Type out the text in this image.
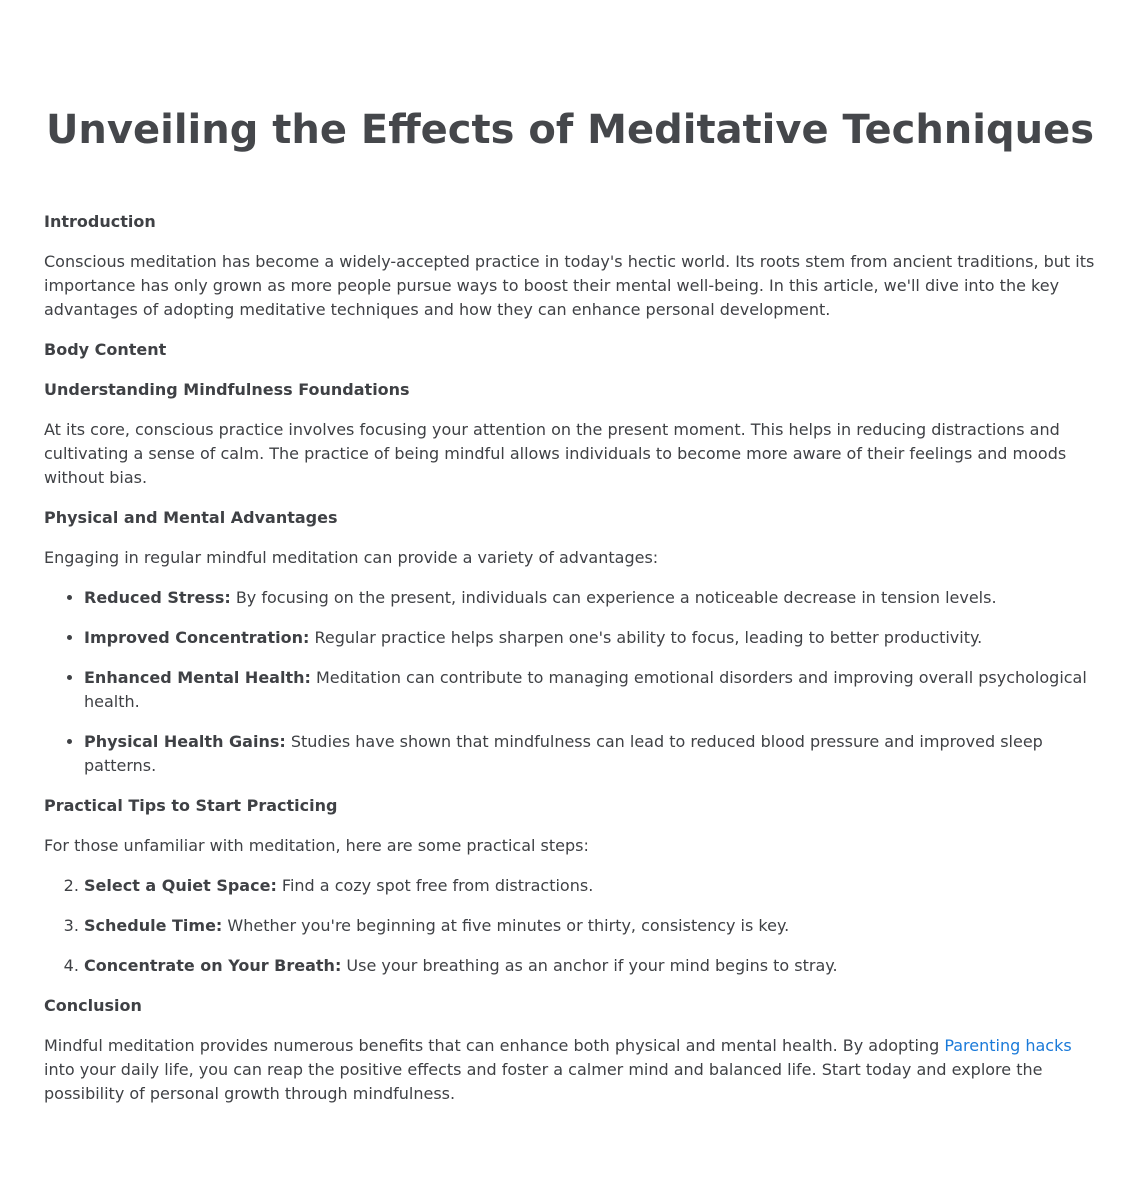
Unveiling the Effects of Meditative Techniques
Introduction

Conscious meditation has become a widely-accepted practice in today's hectic world. Its roots stem from ancient traditions, but its importance has only grown as more people pursue ways to boost their mental well-being. In this article, we'll dive into the key advantages of adopting meditative techniques and how they can enhance personal development.

Body Content
Understanding Mindfulness Foundations

At its core, conscious practice involves focusing your attention on the present moment. This helps in reducing distractions and cultivating a sense of calm. The practice of being mindful allows individuals to become more aware of their feelings and moods without bias.

Physical and Mental Advantages

Engaging in regular mindful meditation can provide a variety of advantages:

• Reduced Stress: By focusing on the present, individuals can experience a noticeable decrease in tension levels.
• Improved Concentration: Regular practice helps sharpen one's ability to focus, leading to better productivity.
• Enhanced Mental Health: Meditation can contribute to managing emotional disorders and improving overall psychological health.
• Physical Health Gains: Studies have shown that mindfulness can lead to reduced blood pressure and improved sleep patterns.
Practical Tips to Start Practicing

For those unfamiliar with meditation, here are some practical steps:

2. Select a Quiet Space: Find a cozy spot free from distractions.
3. Schedule Time: Whether you're beginning at five minutes or thirty, consistency is key.
4. Concentrate on Your Breath: Use your breathing as an anchor if your mind begins to stray.
Conclusion

Mindful meditation provides numerous benefits that can enhance both physical and mental health. By adopting Parenting hacks into your daily life, you can reap the positive effects and foster a calmer mind and balanced life. Start today and explore the possibility of personal growth through mindfulness.
